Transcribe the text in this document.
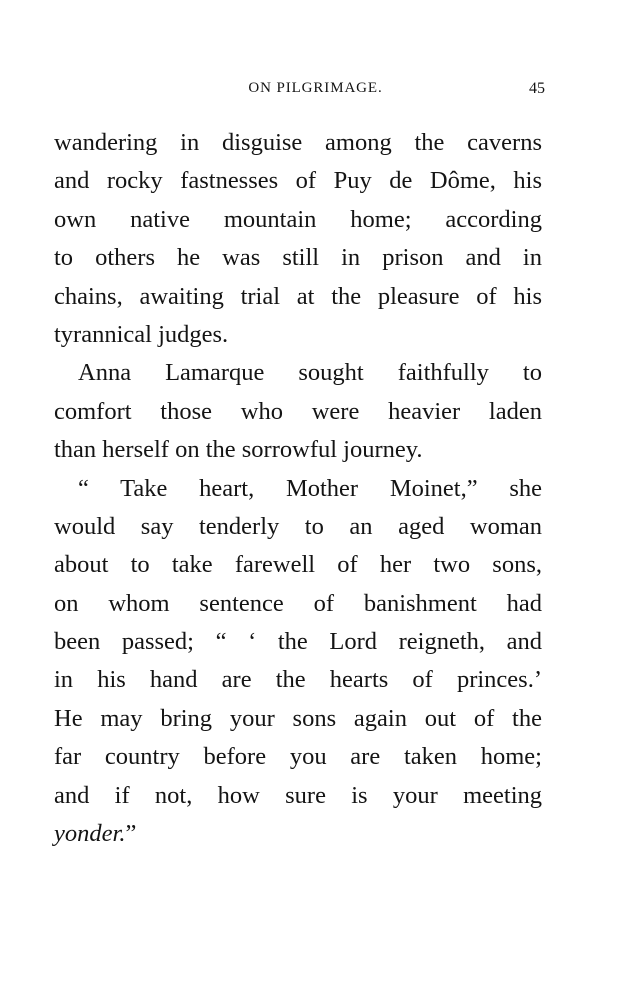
ON PILGRIMAGE.	45
wandering in disguise among the caverns
and rocky fastnesses of Puy de Dôme, his
own native mountain home; according
to others he was still in prison and in
chains, awaiting trial at the pleasure of his
tyrannical judges.
Anna Lamarque sought faithfully to
comfort those who were heavier laden
than herself on the sorrowful journey.
“ Take heart, Mother Moinet,” she
would say tenderly to an aged woman
about to take farewell of her two sons,
on whom sentence of banishment had
been passed; “ ‘ the Lord reigneth, and
in his hand are the hearts of princes.’
He may bring your sons again out of the
far country before you are taken home;
and if not, how sure is your meeting
yonder.”
